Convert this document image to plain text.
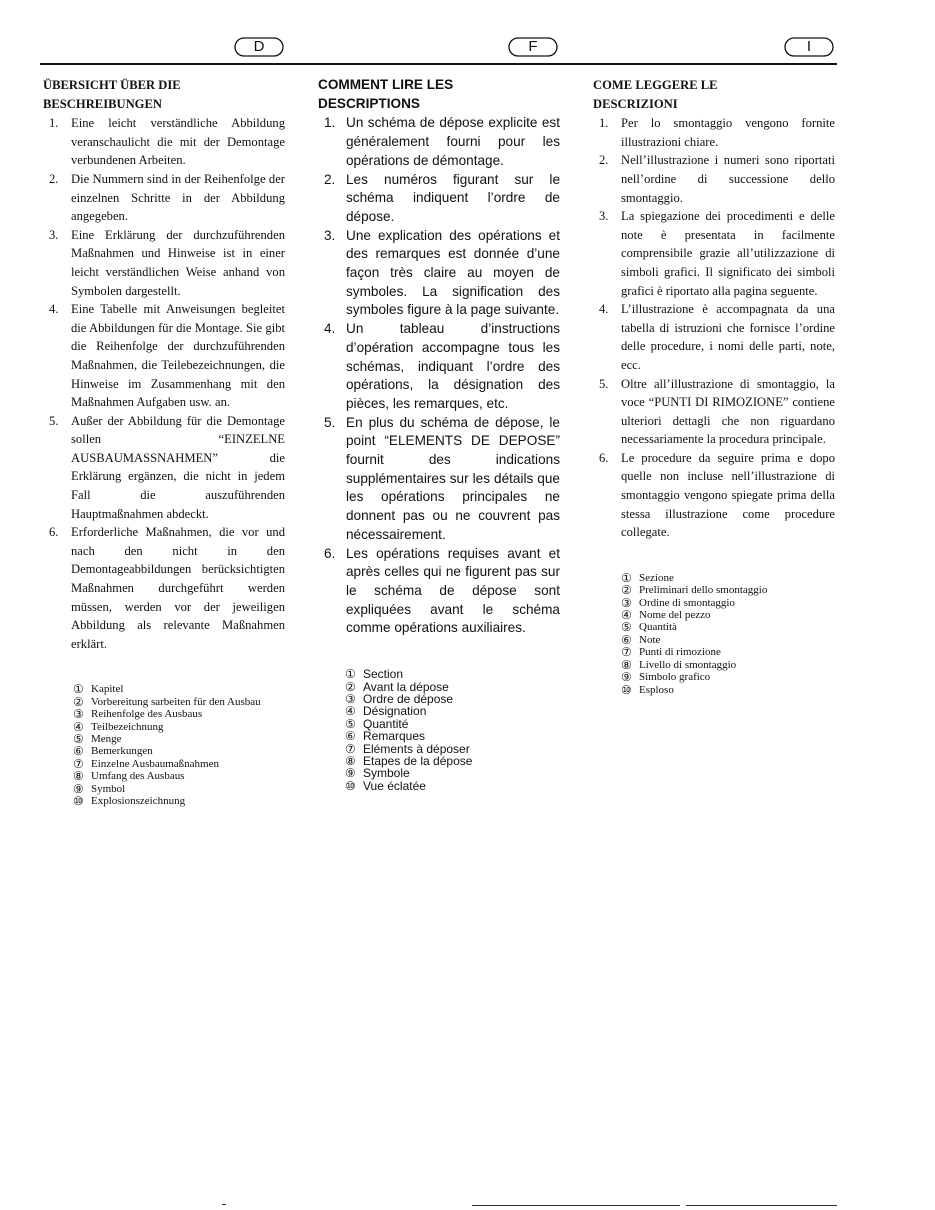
D	F	I
ÜBERSICHT ÜBER DIE
BESCHREIBUNGEN
1. Eine leicht verständliche Abbildung veranschaulicht die mit der Demontage verbundenen Arbeiten.
2. Die Nummern sind in der Reihenfolge der einzelnen Schritte in der Abbildung angegeben.
3. Eine Erklärung der durchzuführenden Maßnahmen und Hinweise ist in einer leicht verständlichen Weise anhand von Symbolen dargestellt.
4. Eine Tabelle mit Anweisungen begleitet die Abbildungen für die Montage. Sie gibt die Reihenfolge der durchzuführenden Maßnahmen, die Teilebezeichnungen, die Hinweise im Zusammenhang mit den Maßnahmen Aufgaben usw. an.
5. Außer der Abbildung für die Demontage sollen “EINZELNE AUSBAUMASSNAHMEN” die Erklärung ergänzen, die nicht in jedem Fall die auszuführenden Hauptmaßnahmen abdeckt.
6. Erforderliche Maßnahmen, die vor und nach den nicht in den Demontageabbildungen berücksichtigten Maßnahmen durchgeführt werden müssen, werden vor der jeweiligen Abbildung als relevante Maßnahmen erklärt.
① Kapitel
② Vorbereitung sarbeiten für den Ausbau
③ Reihenfolge des Ausbaus
④ Teilbezeichnung
⑤ Menge
⑥ Bemerkungen
⑦ Einzelne Ausbaumaßnahmen
⑧ Umfang des Ausbaus
⑨ Symbol
⑩ Explosionszeichnung
COMMENT LIRE LES
DESCRIPTIONS
1. Un schéma de dépose explicite est généralement fourni pour les opérations de démontage.
2. Les numéros figurant sur le schéma indiquent l’ordre de dépose.
3. Une explication des opérations et des remarques est donnée d’une façon très claire au moyen de symboles. La signification des symboles figure à la page suivante.
4. Un tableau d’instructions d’opération accompagne tous les schémas, indiquant l’ordre des opérations, la désignation des pièces, les remarques, etc.
5. En plus du schéma de dépose, le point “ELEMENTS DE DEPOSE” fournit des indications supplémentaires sur les détails que les opérations principales ne donnent pas ou ne couvrent pas nécessairement.
6. Les opérations requises avant et après celles qui ne figurent pas sur le schéma de dépose sont expliquées avant le schéma comme opérations auxiliaires.
① Section
② Avant la dépose
③ Ordre de dépose
④ Désignation
⑤ Quantité
⑥ Remarques
⑦ Eléments à déposer
⑧ Etapes de la dépose
⑨ Symbole
⑩ Vue éclatée
COME LEGGERE LE
DESCRIZIONI
1. Per lo smontaggio vengono fornite illustrazioni chiare.
2. Nell’illustrazione i numeri sono riportati nell’ordine di successione dello smontaggio.
3. La spiegazione dei procedimenti e delle note è presentata in facilmente comprensibile grazie all’utilizzazione di simboli grafici. Il significato dei simboli grafici è riportato alla pagina seguente.
4. L’illustrazione è accompagnata da una tabella di istruzioni che fornisce l’ordine delle procedure, i nomi delle parti, note, ecc.
5. Oltre all’illustrazione di smontaggio, la voce “PUNTI DI RIMOZIONE” contiene ulteriori dettagli che non riguardano necessariamente la procedura principale.
6. Le procedure da seguire prima e dopo quelle non incluse nell’illustrazione di smontaggio vengono spiegate prima della stessa illustrazione come procedure collegate.
① Sezione
② Preliminari dello smontaggio
③ Ordine di smontaggio
④ Nome del pezzo
⑤ Quantità
⑥ Note
⑦ Punti di rimozione
⑧ Livello di smontaggio
⑨ Simbolo grafico
⑩ Esploso
